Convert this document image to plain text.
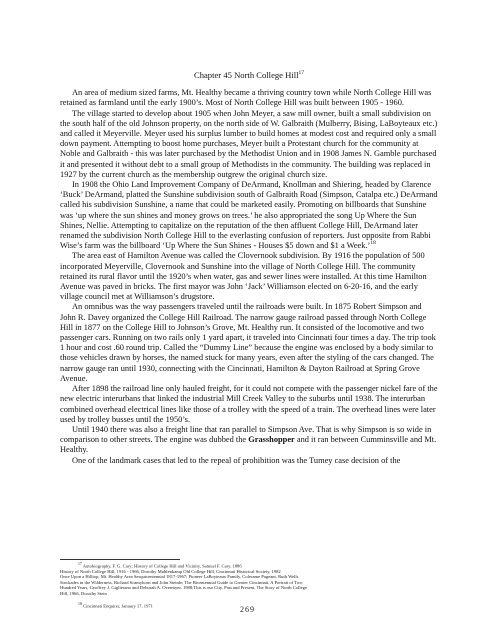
Chapter 45 North College Hill$^{17}$

An area of medium sized farms, Mt. Healthy became a thriving country town while North College Hill was retained as farmland until the early 1900’s. Most of North College Hill was built between 1905 - 1960.

The village started to develop about 1905 when John Meyer, a saw mill owner, built a small subdivision on the south half of the old Johnson property, on the north side of W. Galbraith (Mulberry, Bising, LaBoyteaux etc.) and called it Meyerville. Meyer used his surplus lumber to build homes at modest cost and required only a small down payment. Attempting to boost home purchases, Meyer built a Protestant church for the community at Noble and Galbraith - this was later purchased by the Methodist Union and in 1908 James N. Gamble purchased it and presented it without debt to a small group of Methodists in the community. The building was replaced in 1927 by the current church as the membership outgrew the original church size.

In 1908 the Ohio Land Improvement Company of DeArmand, Knollman and Shiering, headed by Clarence ‘Buck’ DeArmand, platted the Sunshine subdivision south of Galbraith Road (Simpson, Catalpa etc.) DeArmand called his subdivision Sunshine, a name that could be marketed easily. Promoting on billboards that Sunshine was ‘up where the sun shines and money grows on trees.’ he also appropriated the song Up Where the Sun Shines, Nellie. Attempting to capitalize on the reputation of the then affluent College Hill, DeArmand later renamed the subdivision North College Hill to the everlasting confusion of reporters. Just opposite from Rabbi Wise’s farm was the billboard ‘Up Where the Sun Shines - Houses $5 down and $1 a Week.’$^{18}$

The area east of Hamilton Avenue was called the Clovernook subdivision. By 1916 the population of 500 incorporated Meyerville, Clovernook and Sunshine into the village of North College Hill. The community retained its rural flavor until the 1920’s when water, gas and sewer lines were installed. At this time Hamilton Avenue was paved in bricks. The first mayor was John ‘Jack’ Williamson elected on 6-20-16, and the early village council met at Williamson’s drugstore.

An omnibus was the way passengers traveled until the railroads were built. In 1875 Robert Simpson and John R. Davey organized the College Hill Railroad. The narrow gauge railroad passed through North College Hill in 1877 on the College Hill to Johnson’s Grove, Mt. Healthy run. It consisted of the locomotive and two passenger cars. Running on two rails only 1 yard apart, it traveled into Cincinnati four times a day. The trip took 1 hour and cost .60 round trip. Called the “Dummy Line” because the engine was enclosed by a body similar to those vehicles drawn by horses, the named stuck for many years, even after the styling of the cars changed. The narrow gauge ran until 1930, connecting with the Cincinnati, Hamilton & Dayton Railroad at Spring Grove Avenue.

After 1898 the railroad line only hauled freight, for it could not compete with the passenger nickel fare of the new electric interurbans that linked the industrial Mill Creek Valley to the suburbs until 1938. The interurban combined overhead electrical lines like those of a trolley with the speed of a train. The overhead lines were later used by trolley busses until the 1950’s.

Until 1940 there was also a freight line that ran parallel to Simpson Ave. That is why Simpson is so wide in comparison to other streets. The engine was dubbed the Grasshopper and it ran between Cumminsville and Mt. Healthy.

One of the landmark cases that led to the repeal of prohibition was the Tumey case decision of the

$^{17}$ Autobiography, F. G. Cary; History of College Hill and Vicinity, Samuel F. Cary. 1886

History of North College Hill, 1916 - 1966, Dorothy Muhlenkamp Old College Hill, Cincinnati Historical Society, 1982

Once Upon a Hilltop, Mt. Healthy Area Sesquicentennial 1817-1967; Pioneer LaBoyteaux Family, Colerame Pageant, Ruth Wells

Stockades in the Wilderness, Richard Scamyhorn and John Steinle; The Bicentennial Guide to Greater Cincinnati, A Portrait of Two

Hundred Years, Geoffrey J. Giglierano and Deborah A. Overmyer, 1988;This is our City, Past and Present, The Story of North College

Hill, 1966, Dorothy Stein

$^{18}$ Cincinnati Enquirer, January 17, 1971	269
